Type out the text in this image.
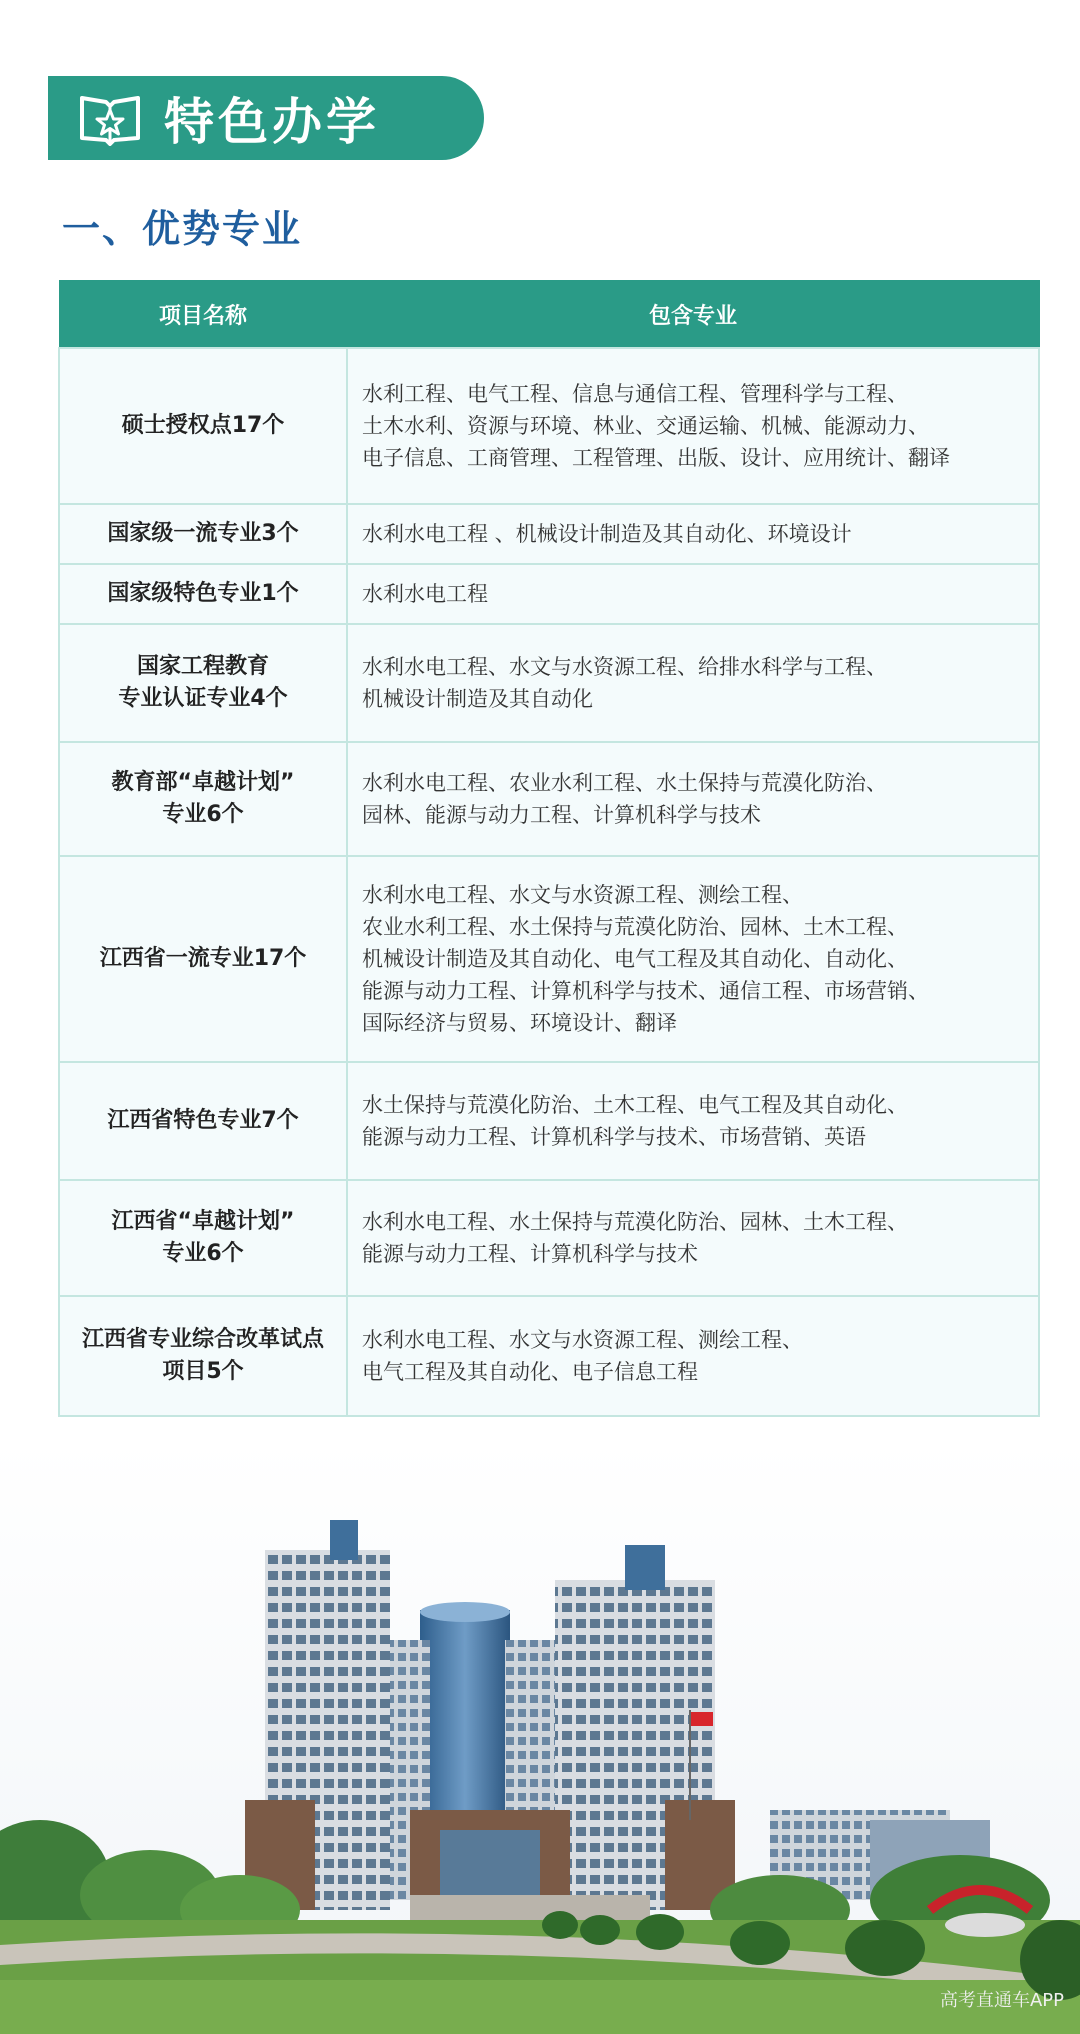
特色办学
一、优势专业
项目名称	包含专业
硕士授权点17个	水利工程、电气工程、信息与通信工程、管理科学与工程、
土木水利、资源与环境、林业、交通运输、机械、能源动力、
电子信息、工商管理、工程管理、出版、设计、应用统计、翻译
国家级一流专业3个	水利水电工程 、机械设计制造及其自动化、环境设计
国家级特色专业1个	水利水电工程
国家工程教育
专业认证专业4个	水利水电工程、水文与水资源工程、给排水科学与工程、
机械设计制造及其自动化
教育部“卓越计划”
专业6个	水利水电工程、农业水利工程、水土保持与荒漠化防治、
园林、能源与动力工程、计算机科学与技术
江西省一流专业17个	水利水电工程、水文与水资源工程、测绘工程、
农业水利工程、水土保持与荒漠化防治、园林、土木工程、
机械设计制造及其自动化、电气工程及其自动化、自动化、
能源与动力工程、计算机科学与技术、通信工程、市场营销、
国际经济与贸易、环境设计、翻译
江西省特色专业7个	水土保持与荒漠化防治、土木工程、电气工程及其自动化、
能源与动力工程、计算机科学与技术、市场营销、英语
江西省“卓越计划”
专业6个	水利水电工程、水土保持与荒漠化防治、园林、土木工程、
能源与动力工程、计算机科学与技术
江西省专业综合改革试点
项目5个	水利水电工程、水文与水资源工程、测绘工程、
电气工程及其自动化、电子信息工程
高考直通车APP
